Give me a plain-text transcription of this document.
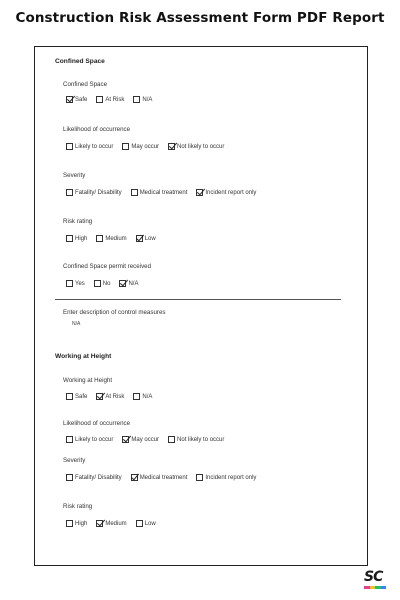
Construction Risk Assessment Form PDF Report
Confined Space
Confined Space
Safe	At Risk	N/A
Likelihood of occurrence
Likely to occur	May occur	Not likely to occur
Severity
Fatality/ Disability	Medical treatment	Incident report only
Risk rating
High	Medium	Low
Confined Space permit received
Yes	No	N/A
Enter description of control measures
N/A
Working at Height
Working at Height
Safe	At Risk	N/A
Likelihood of occurrence
Likely to occur	May occur	Not likely to occur
Severity
Fatality/ Disability	Medical treatment	Incident report only
Risk rating
High	Medium	Low
SC
